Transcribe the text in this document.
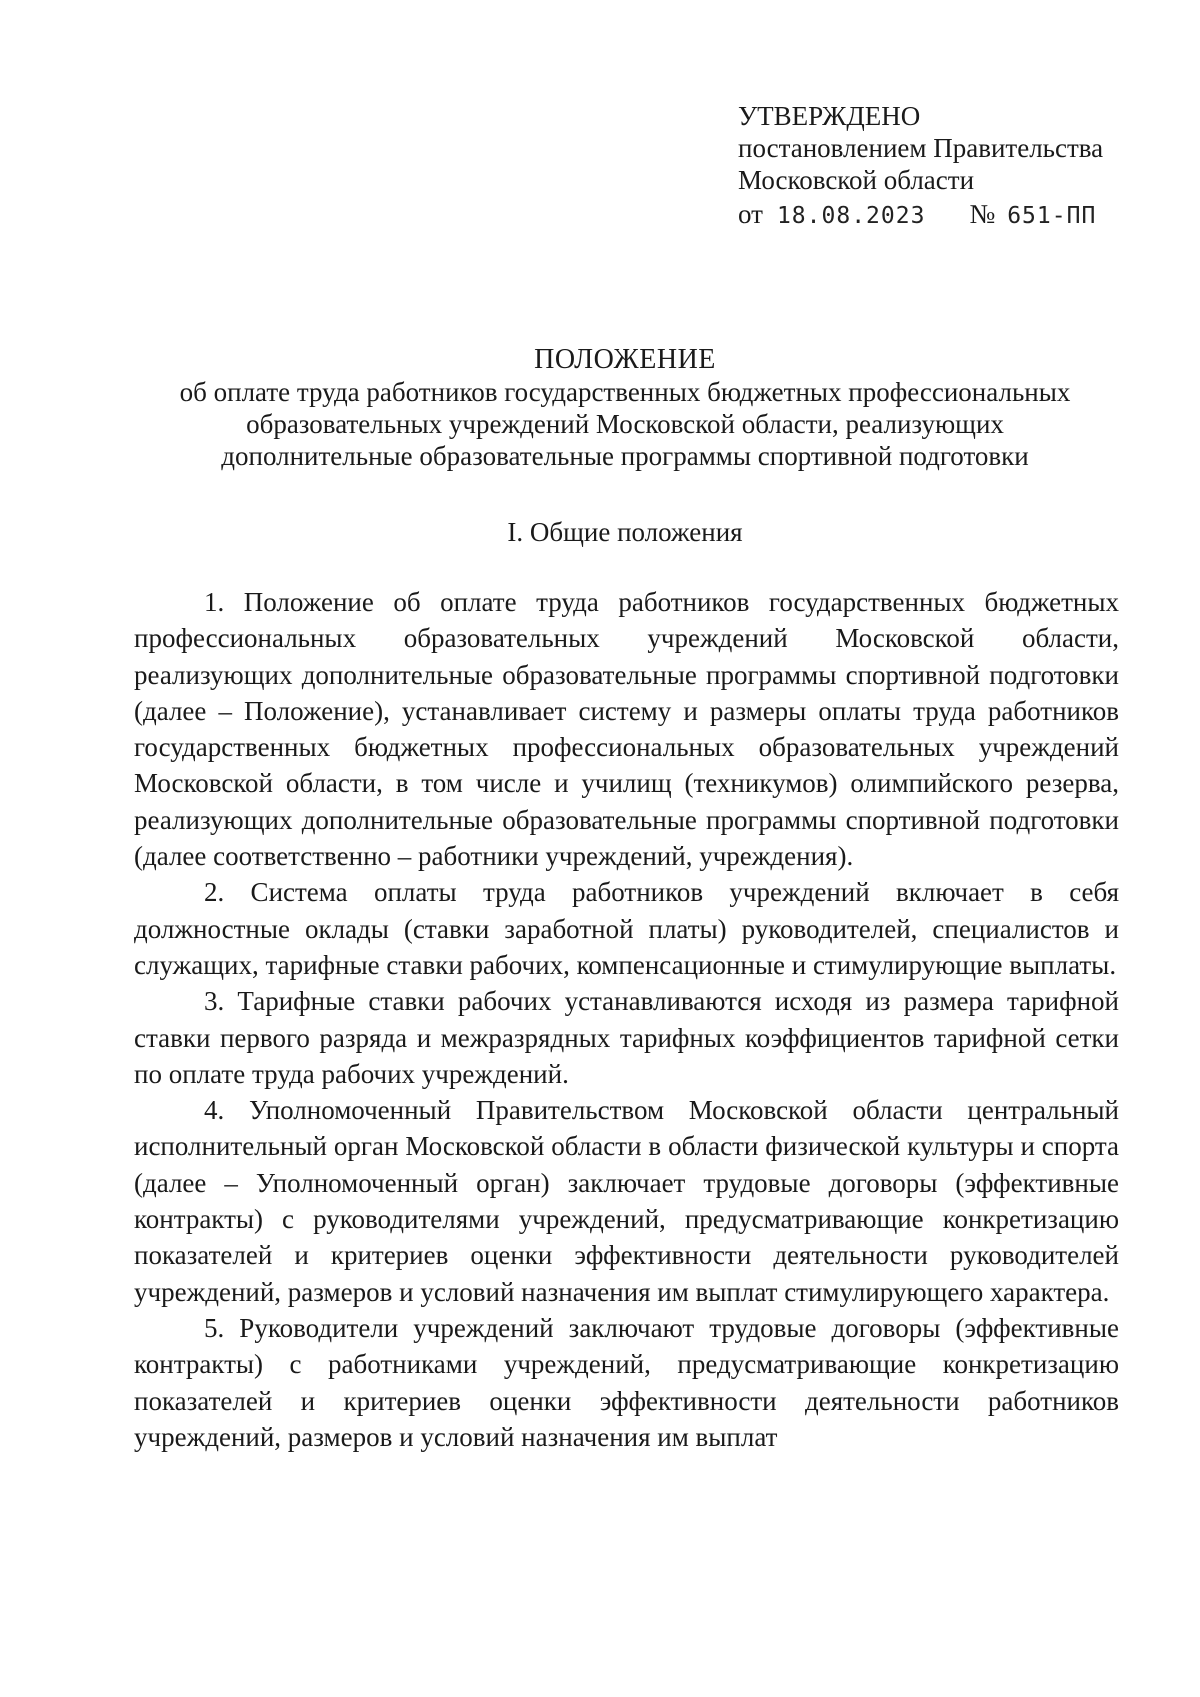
УТВЕРЖДЕНО
постановлением Правительства
Московской области
от 18.08.2023 № 651-ПП
ПОЛОЖЕНИЕ
об оплате труда работников государственных бюджетных профессиональных
образовательных учреждений Московской области, реализующих
дополнительные образовательные программы спортивной подготовки
I. Общие положения

1. Положение об оплате труда работников государственных бюджетных профессиональных образовательных учреждений Московской области, реализующих дополнительные образовательные программы спортивной подготовки (далее – Положение), устанавливает систему и размеры оплаты труда работников государственных бюджетных профессиональных образовательных учреждений Московской области, в том числе и училищ (техникумов) олимпийского резерва, реализующих дополнительные образовательные программы спортивной подготовки (далее соответственно – работники учреждений, учреждения).

2. Система оплаты труда работников учреждений включает в себя должностные оклады (ставки заработной платы) руководителей, специалистов и служащих, тарифные ставки рабочих, компенсационные и стимулирующие выплаты.

3. Тарифные ставки рабочих устанавливаются исходя из размера тарифной ставки первого разряда и межразрядных тарифных коэффициентов тарифной сетки по оплате труда рабочих учреждений.

4. Уполномоченный Правительством Московской области центральный исполнительный орган Московской области в области физической культуры и спорта (далее – Уполномоченный орган) заключает трудовые договоры (эффективные контракты) с руководителями учреждений, предусматривающие конкретизацию показателей и критериев оценки эффективности деятельности руководителей учреждений, размеров и условий назначения им выплат стимулирующего характера.

5. Руководители учреждений заключают трудовые договоры (эффективные контракты) с работниками учреждений, предусматривающие конкретизацию показателей и критериев оценки эффективности деятельности работников учреждений, размеров и условий назначения им выплат
